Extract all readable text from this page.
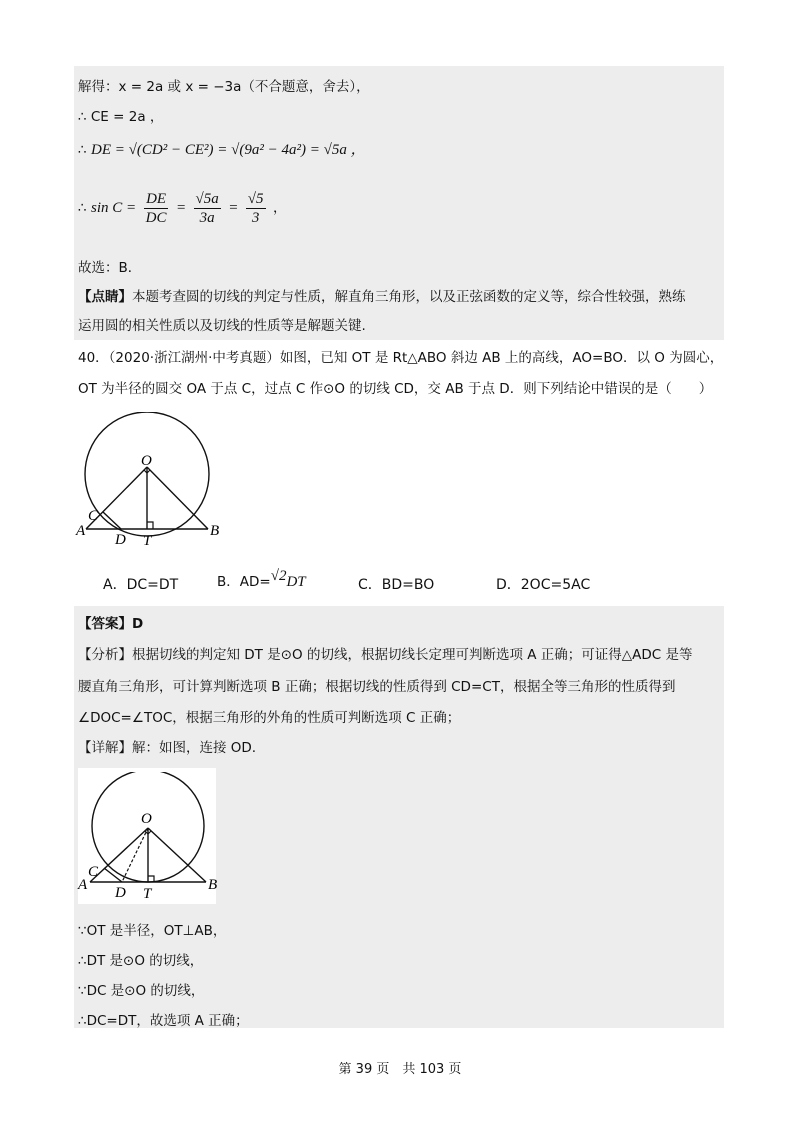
解得：x = 2a 或 x = −3a（不合题意，舍去），
∴ CE = 2a ，
∴ DE = √(CD² − CE²) = √(9a² − 4a²) = √5a ，
∴ $\sin C = \frac{DE}{DC} = \frac{√5a}{3a} = \frac{√5}{3}$ ，
故选：B．
【点睛】本题考查圆的切线的判定与性质，解直角三角形，以及正弦函数的定义等，综合性较强，熟练
运用圆的相关性质以及切线的性质等是解题关键.
40．（2020·浙江湖州·中考真题）如图，已知 OT 是 Rt△ABO 斜边 AB 上的高线，AO=BO．以 O 为圆心，
OT 为半径的圆交 OA 于点 C，过点 C 作⊙O 的切线 CD，交 AB 于点 D．则下列结论中错误的是（　　）
O
A	B
C
D T
A．DC=DT	B．AD=√2DT	C．BD=BO	D．2OC=5AC
【答案】D
【分析】根据切线的判定知 DT 是⊙O 的切线，根据切线长定理可判断选项 A 正确；可证得△ADC 是等
腰直角三角形，可计算判断选项 B 正确；根据切线的性质得到 CD=CT，根据全等三角形的性质得到
∠DOC=∠TOC，根据三角形的外角的性质可判断选项 C 正确；
【详解】解：如图，连接 OD.
O
A	B
C
D T
∵OT 是半径，OT⊥AB，
∴DT 是⊙O 的切线，
∵DC 是⊙O 的切线，
∴DC=DT，故选项 A 正确；
第 39 页　共 103 页
